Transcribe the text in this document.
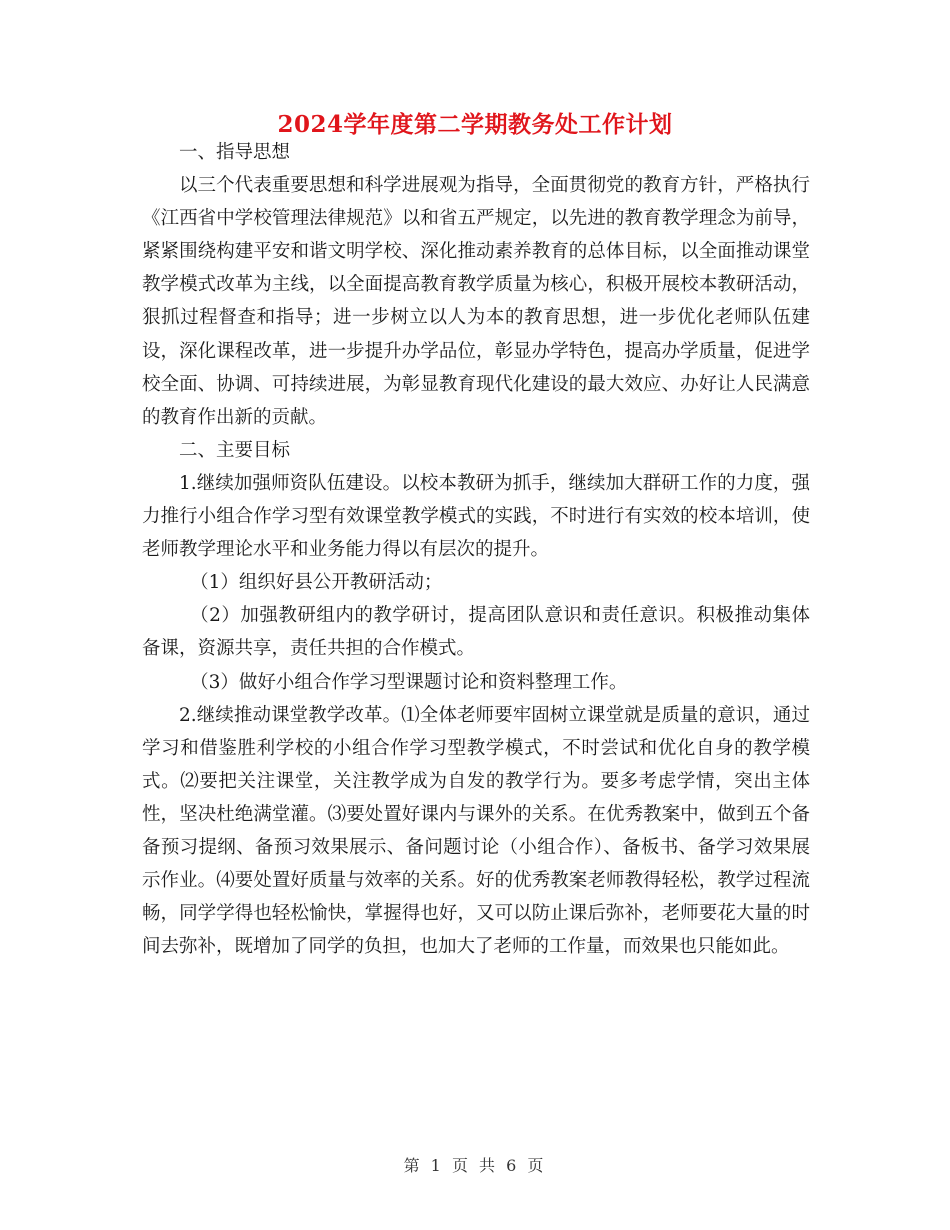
2024学年度第二学期教务处工作计划

一、指导思想

以三个代表重要思想和科学进展观为指导，全面贯彻党的教育方针，严格执行《江西省中学校管理法律规范》以和省五严规定，以先进的教育教学理念为前导，紧紧围绕构建平安和谐文明学校、深化推动素养教育的总体目标，以全面推动课堂教学模式改革为主线，以全面提高教育教学质量为核心，积极开展校本教研活动，狠抓过程督查和指导；进一步树立以人为本的教育思想，进一步优化老师队伍建设，深化课程改革，进一步提升办学品位，彰显办学特色，提高办学质量，促进学校全面、协调、可持续进展，为彰显教育现代化建设的最大效应、办好让人民满意的教育作出新的贡献。

二、主要目标

1.继续加强师资队伍建设。以校本教研为抓手，继续加大群研工作的力度，强力推行小组合作学习型有效课堂教学模式的实践，不时进行有实效的校本培训，使老师教学理论水平和业务能力得以有层次的提升。

（1）组织好县公开教研活动；

（2）加强教研组内的教学研讨，提高团队意识和责任意识。积极推动集体备课，资源共享，责任共担的合作模式。

（3）做好小组合作学习型课题讨论和资料整理工作。

2.继续推动课堂教学改革。⑴全体老师要牢固树立课堂就是质量的意识，通过学习和借鉴胜利学校的小组合作学习型教学模式，不时尝试和优化自身的教学模式。⑵要把关注课堂，关注教学成为自发的教学行为。要多考虑学情，突出主体性，坚决杜绝满堂灌。⑶要处置好课内与课外的关系。在优秀教案中，做到五个备备预习提纲、备预习效果展示、备问题讨论（小组合作）、备板书、备学习效果展示作业。⑷要处置好质量与效率的关系。好的优秀教案老师教得轻松，教学过程流畅，同学学得也轻松愉快，掌握得也好，又可以防止课后弥补，老师要花大量的时间去弥补，既增加了同学的负担，也加大了老师的工作量，而效果也只能如此。

第 1 页 共 6 页
